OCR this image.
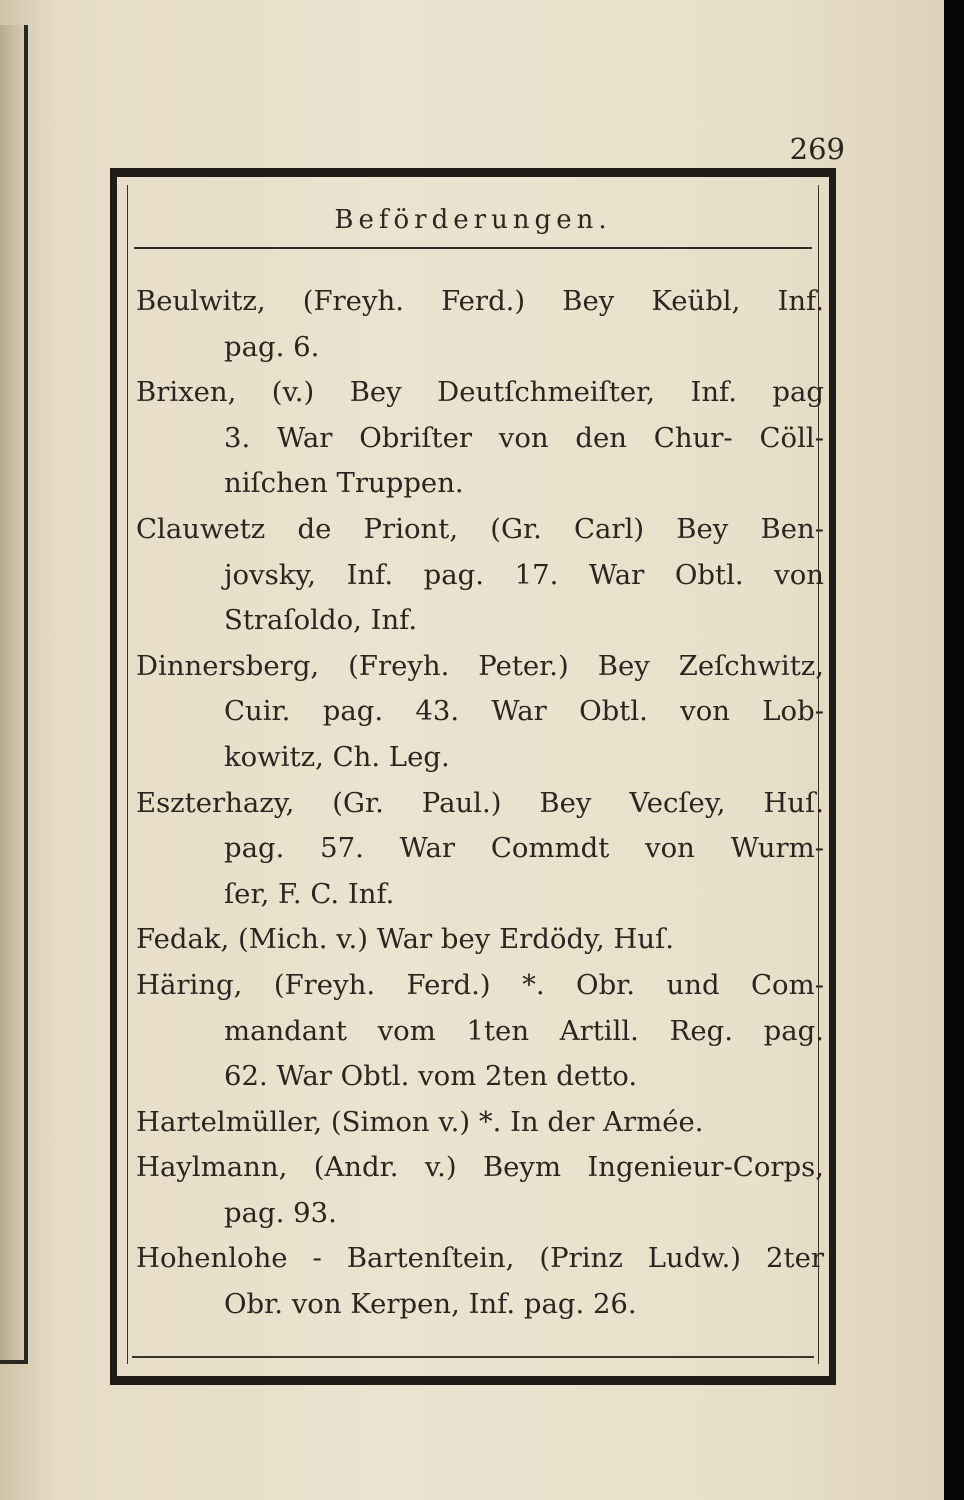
269
Beförderungen.

Beulwitz, (Freyh. Ferd.) Bey Keübl, Inf.
pag. 6.

Brixen, (v.) Bey Deutſchmeiſter, Inf. pag
3. War Obriſter von den Chur- Cöll-
niſchen Truppen.

Clauwetz de Priont, (Gr. Carl) Bey Ben-
jovsky, Inf. pag. 17. War Obtl. von
Straſoldo, Inf.

Dinnersberg, (Freyh. Peter.) Bey Zeſchwitz,
Cuir. pag. 43. War Obtl. von Lob-
kowitz, Ch. Leg.

Eszterhazy, (Gr. Paul.) Bey Vecſey, Huſ.
pag. 57. War Commdt von Wurm-
ſer, F. C. Inf.

Fedak, (Mich. v.) War bey Erdödy, Huſ.

Häring, (Freyh. Ferd.) *. Obr. und Com-
mandant vom 1ten Artill. Reg. pag.
62. War Obtl. vom 2ten detto.

Hartelmüller, (Simon v.) *. In der Armée.

Haylmann, (Andr. v.) Beym Ingenieur-Corps,
pag. 93.

Hohenlohe - Bartenſtein, (Prinz Ludw.) 2ter
Obr. von Kerpen, Inf. pag. 26.
